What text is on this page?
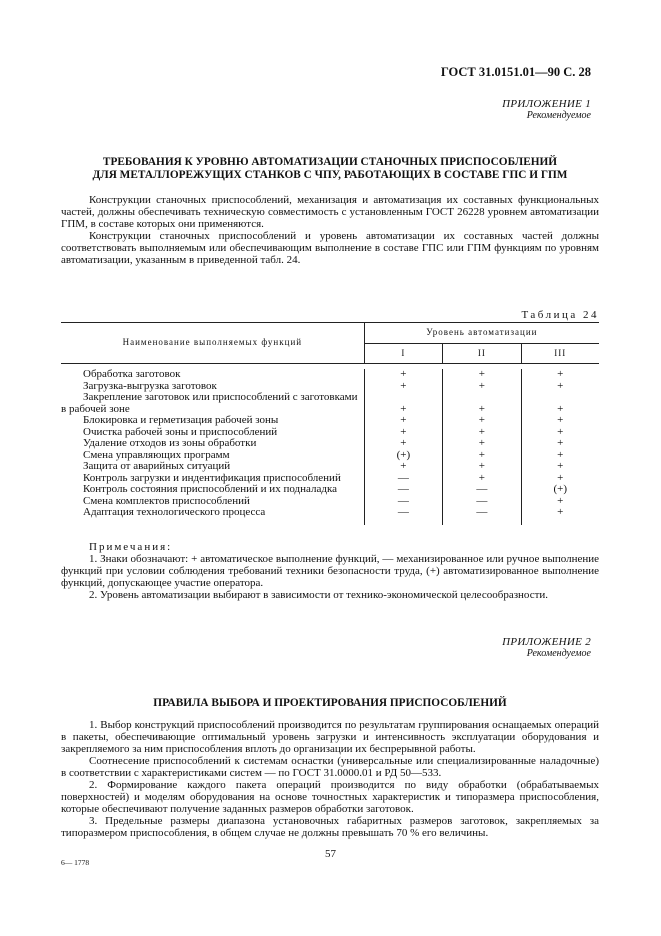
ГОСТ 31.0151.01—90 С. 28
ПРИЛОЖЕНИЕ 1
Рекомендуемое
ТРЕБОВАНИЯ К УРОВНЮ АВТОМАТИЗАЦИИ СТАНОЧНЫХ ПРИСПОСОБЛЕНИЙ
ДЛЯ МЕТАЛЛОРЕЖУЩИХ СТАНКОВ С ЧПУ, РАБОТАЮЩИХ В СОСТАВЕ ГПС И ГПМ

Конструкции станочных приспособлений, механизация и автоматизация их составных функциональных частей, должны обеспечивать техническую совместимость с установленным ГОСТ 26228 уровнем автоматизации ГПМ, в составе которых они применяются.

Конструкции станочных приспособлений и уровень автоматизации их составных частей должны соответствовать выполняемым или обеспечивающим выполнение в составе ГПС или ГПМ функциям по уровням автоматизации, указанным в приведенной табл. 24.

Таблица 24
Наименование выполняемых функций	Уровень автоматизации		
	I	II	III

Обработка заготовок	+	+	+

Загрузка-выгрузка заготовок	+	+	+

Закрепление заготовок или приспособлений с заготовками в рабочей зоне	+	+	+

Блокировка и герметизация рабочей зоны	+	+	+

Очистка рабочей зоны и приспособлений	+	+	+

Удаление отходов из зоны обработки	+	+	+

Смена управляющих программ	(+)	+	+

Защита от аварийных ситуаций	+	+	+

Контроль загрузки и индентификация приспособлений	—	+	+

Контроль состояния приспособлений и их подналадка	—	—	(+)

Смена комплектов приспособлений	—	—	+

Адаптация технологического процесса	—	—	+

Примечания:

1. Знаки обозначают: + автоматическое выполнение функций, — механизированное или ручное выполнение функций при условии соблюдения требований техники безопасности труда, (+) автоматизированное выполнение функций, допускающее участие оператора.

2. Уровень автоматизации выбирают в зависимости от технико-экономической целесообразности.

ПРИЛОЖЕНИЕ 2
Рекомендуемое
ПРАВИЛА ВЫБОРА И ПРОЕКТИРОВАНИЯ ПРИСПОСОБЛЕНИЙ

1. Выбор конструкций приспособлений производится по результатам группирования оснащаемых операций в пакеты, обеспечивающие оптимальный уровень загрузки и интенсивность эксплуатации оборудования и закрепляемого за ним приспособления вплоть до организации их беспрерывной работы.

Соотнесение приспособлений к системам оснастки (универсальные или специализированные наладочные) в соответствии с характеристиками систем — по ГОСТ 31.0000.01 и РД 50—533.

2. Формирование каждого пакета операций производится по виду обработки (обрабатываемых поверхностей) и моделям оборудования на основе точностных характеристик и типоразмера приспособления, которые обеспечивают получение заданных размеров обработки заготовок.

3. Предельные размеры диапазона установочных габаритных размеров заготовок, закрепляемых за типоразмером приспособления, в общем случае не должны превышать 70 % его величины.

57
6— 1778
